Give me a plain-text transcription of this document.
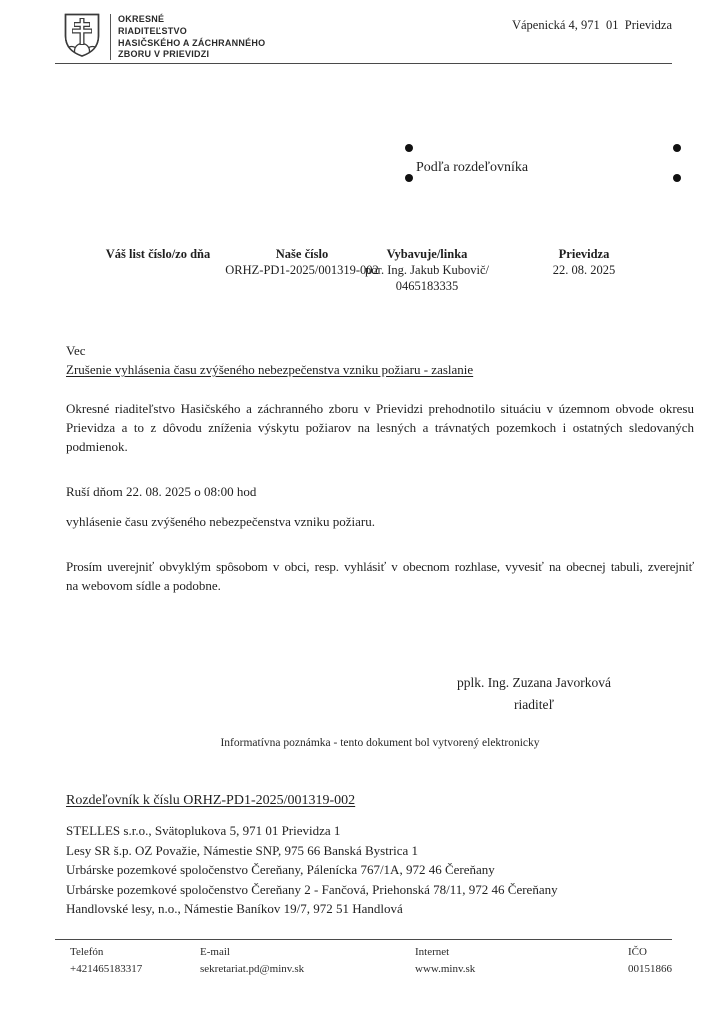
OKRESNÉ
RIADITEĽSTVO
HASIČSKÉHO A ZÁCHRANNÉHO
ZBORU V PRIEVIDZI
Vápenická 4, 971  01  Prievidza
Podľa rozdeľovníka
Váš list číslo/zo dňa	Naše číslo
ORHZ-PD1-2025/001319-002
Vybavuje/linka
por. Ing. Jakub Kubovič/
0465183335
Prievidza
22. 08. 2025
Vec
Zrušenie vyhlásenia času zvýšeného nebezpečenstva vzniku požiaru - zaslanie
Okresné riaditeľstvo Hasičského a záchranného zboru v Prievidzi prehodnotilo situáciu v územnom obvode okresu
Prievidza a to z dôvodu zníženia výskytu požiarov na lesných a trávnatých pozemkoch i ostatných sledovaných
podmienok.
Ruší dňom 22. 08. 2025 o 08:00 hod
vyhlásenie času zvýšeného nebezpečenstva vzniku požiaru.
Prosím uverejniť obvyklým spôsobom v obci, resp. vyhlásiť v obecnom rozhlase, vyvesiť na obecnej tabuli, zverejniť
na webovom sídle a podobne.
pplk. Ing. Zuzana Javorková
riaditeľ
Informatívna poznámka - tento dokument bol vytvorený elektronicky
Rozdeľovník k číslu ORHZ-PD1-2025/001319-002
STELLES s.r.o., Svätoplukova 5, 971 01 Prievidza 1
Lesy SR š.p. OZ Považie, Námestie SNP, 975 66 Banská Bystrica 1
Urbárske pozemkové spoločenstvo Čereňany, Pálenícka 767/1A, 972 46 Čereňany
Urbárske pozemkové spoločenstvo Čereňany 2 - Fančová, Priehonská 78/11, 972 46 Čereňany
Handlovské lesy, n.o., Námestie Baníkov 19/7, 972 51 Handlová
Telefón
+421465183317
E-mail
sekretariat.pd@minv.sk
Internet
www.minv.sk
IČO
00151866
